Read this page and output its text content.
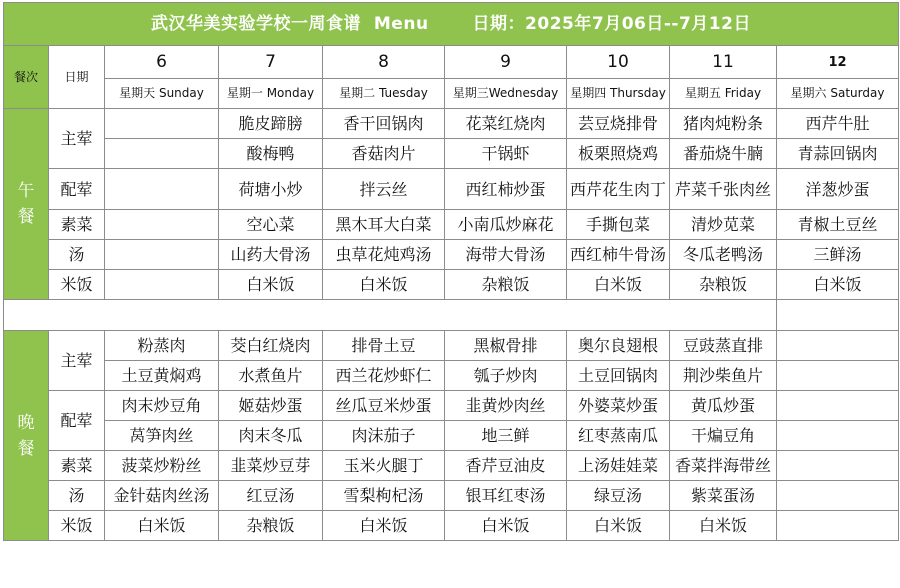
武汉华美实验学校一周食谱 Menu 日期：2025年7月06日--7月12日								
餐次	日期	6	7	8	9	10	11	12
		星期天 Sunday	星期一 Monday	星期二 Tuesday	星期三Wednesday	星期四 Thursday	星期五 Friday	星期六 Saturday

午
餐	主荤		脆皮蹄膀	香干回锅肉	花菜红烧肉	芸豆烧排骨	猪肉炖粉条	西芹牛肚
			酸梅鸭	香菇肉片	干锅虾	板栗照烧鸡	番茄烧牛腩	青蒜回锅肉
	配荤		荷塘小炒	拌云丝	西红柿炒蛋	西芹花生肉丁	芹菜千张肉丝	洋葱炒蛋
	素菜		空心菜	黑木耳大白菜	小南瓜炒麻花	手撕包菜	清炒苋菜	青椒土豆丝
	汤		山药大骨汤	虫草花炖鸡汤	海带大骨汤	西红柿牛骨汤	冬瓜老鸭汤	三鲜汤
	米饭		白米饭	白米饭	杂粮饭	白米饭	杂粮饭	白米饭

晚
餐	主荤	粉蒸肉	茭白红烧肉	排骨土豆	黑椒骨排	奥尔良翅根	豆豉蒸直排	
		土豆黄焖鸡	水煮鱼片	西兰花炒虾仁	瓠子炒肉	土豆回锅肉	荆沙柴鱼片	
	配荤	肉末炒豆角	姬菇炒蛋	丝瓜豆米炒蛋	韭黄炒肉丝	外婆菜炒蛋	黄瓜炒蛋	
		莴笋肉丝	肉末冬瓜	肉沫茄子	地三鲜	红枣蒸南瓜	干煸豆角	
	素菜	菠菜炒粉丝	韭菜炒豆芽	玉米火腿丁	香芹豆油皮	上汤娃娃菜	香菜拌海带丝	
	汤	金针菇肉丝汤	红豆汤	雪梨枸杞汤	银耳红枣汤	绿豆汤	紫菜蛋汤	
	米饭	白米饭	杂粮饭	白米饭	白米饭	白米饭	白米饭	
